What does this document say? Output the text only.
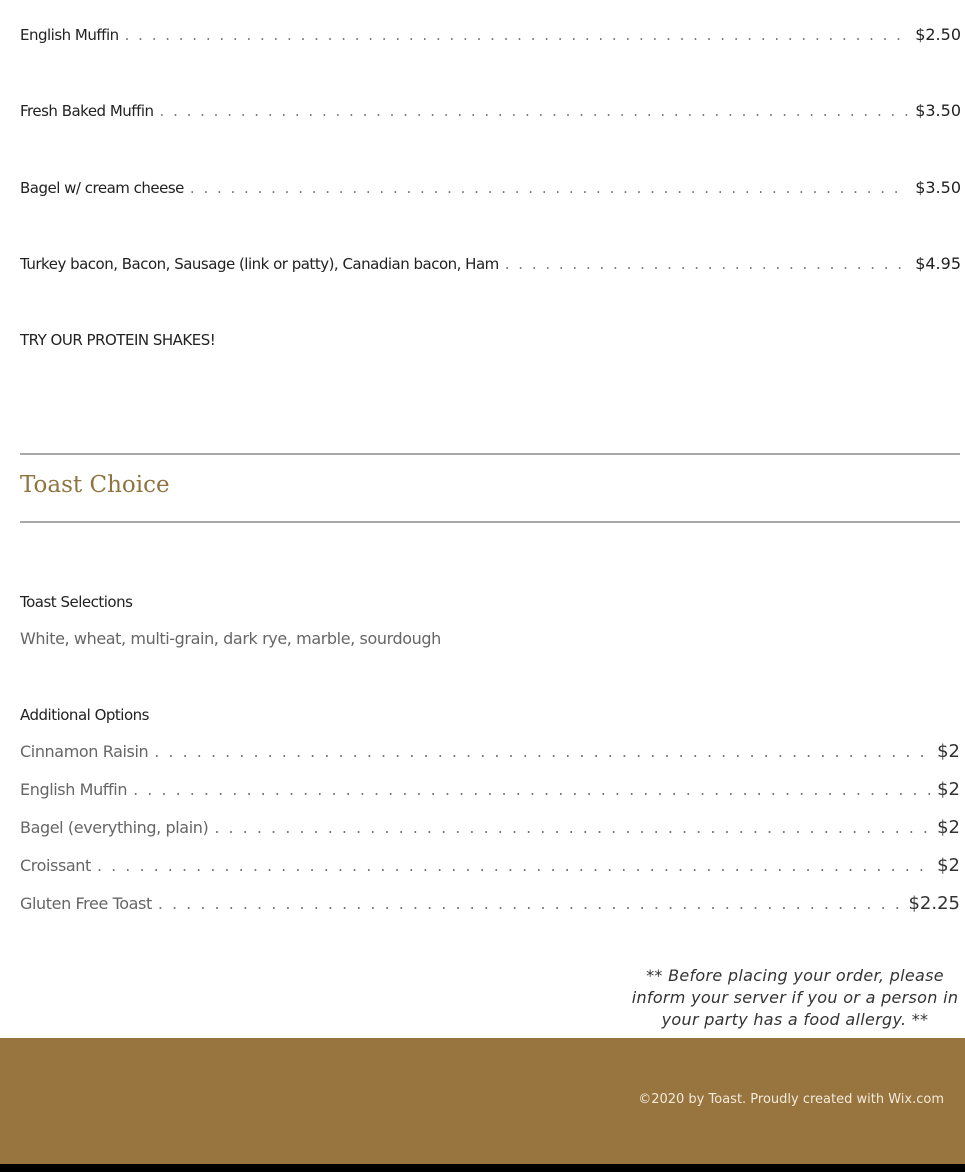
English Muffin . . .	$2.50
Fresh Baked Muffin . . .	$3.50
Bagel w/ cream cheese . . .	$3.50
Turkey bacon, Bacon, Sausage (link or patty), Canadian bacon, Ham . . .	$4.95
TRY OUR PROTEIN SHAKES!
Toast Choice
Toast Selections
White, wheat, multi-grain, dark rye, marble, sourdough
Additional Options
Cinnamon Raisin . . .	$2
English Muffin . . .	$2
Bagel (everything, plain) . . .	$2
Croissant . . .	$2
Gluten Free Toast . . .	$2.25
** Before placing your order, please inform your server if you or a person in your party has a food allergy. **
©2020 by Toast. Proudly created with Wix.com
